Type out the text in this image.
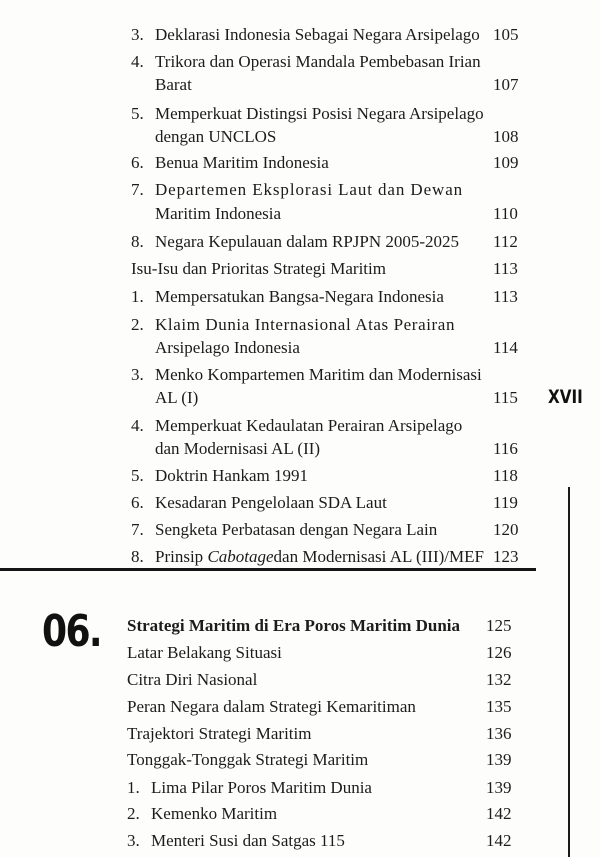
3. Deklarasi Indonesia Sebagai Negara Arsipelago 105
4. Trikora dan Operasi Mandala Pembebasan Irian
Barat	107
5. Memperkuat Distingsi Posisi Negara Arsipelago
dengan UNCLOS	108
6. Benua Maritim Indonesia	109
7. Departemen Eksplorasi Laut dan Dewan
Maritim Indonesia	110
8. Negara Kepulauan dalam RPJPN 2005-2025 112
Isu-Isu dan Prioritas Strategi Maritim	113
1. Mempersatukan Bangsa-Negara Indonesia	113
2. Klaim Dunia Internasional Atas Perairan
Arsipelago Indonesia	114
3. Menko Kompartemen Maritim dan Modernisasi
AL (I)	115
4. Memperkuat Kedaulatan Perairan Arsipelago
dan Modernisasi AL (II)	116
5. Doktrin Hankam 1991	118
6. Kesadaran Pengelolaan SDA Laut	119
7. Sengketa Perbatasan dengan Negara Lain	120
8. Prinsip Cabotagedan Modernisasi AL (III)/MEF 123
06. Strategi Maritim di Era Poros Maritim Dunia 125
Latar Belakang Situasi	126
Citra Diri Nasional	132
Peran Negara dalam Strategi Kemaritiman	135
Trajektori Strategi Maritim	136
Tonggak-Tonggak Strategi Maritim	139
1. Lima Pilar Poros Maritim Dunia	139
2. Kemenko Maritim	142
3. Menteri Susi dan Satgas 115	142
XVII
